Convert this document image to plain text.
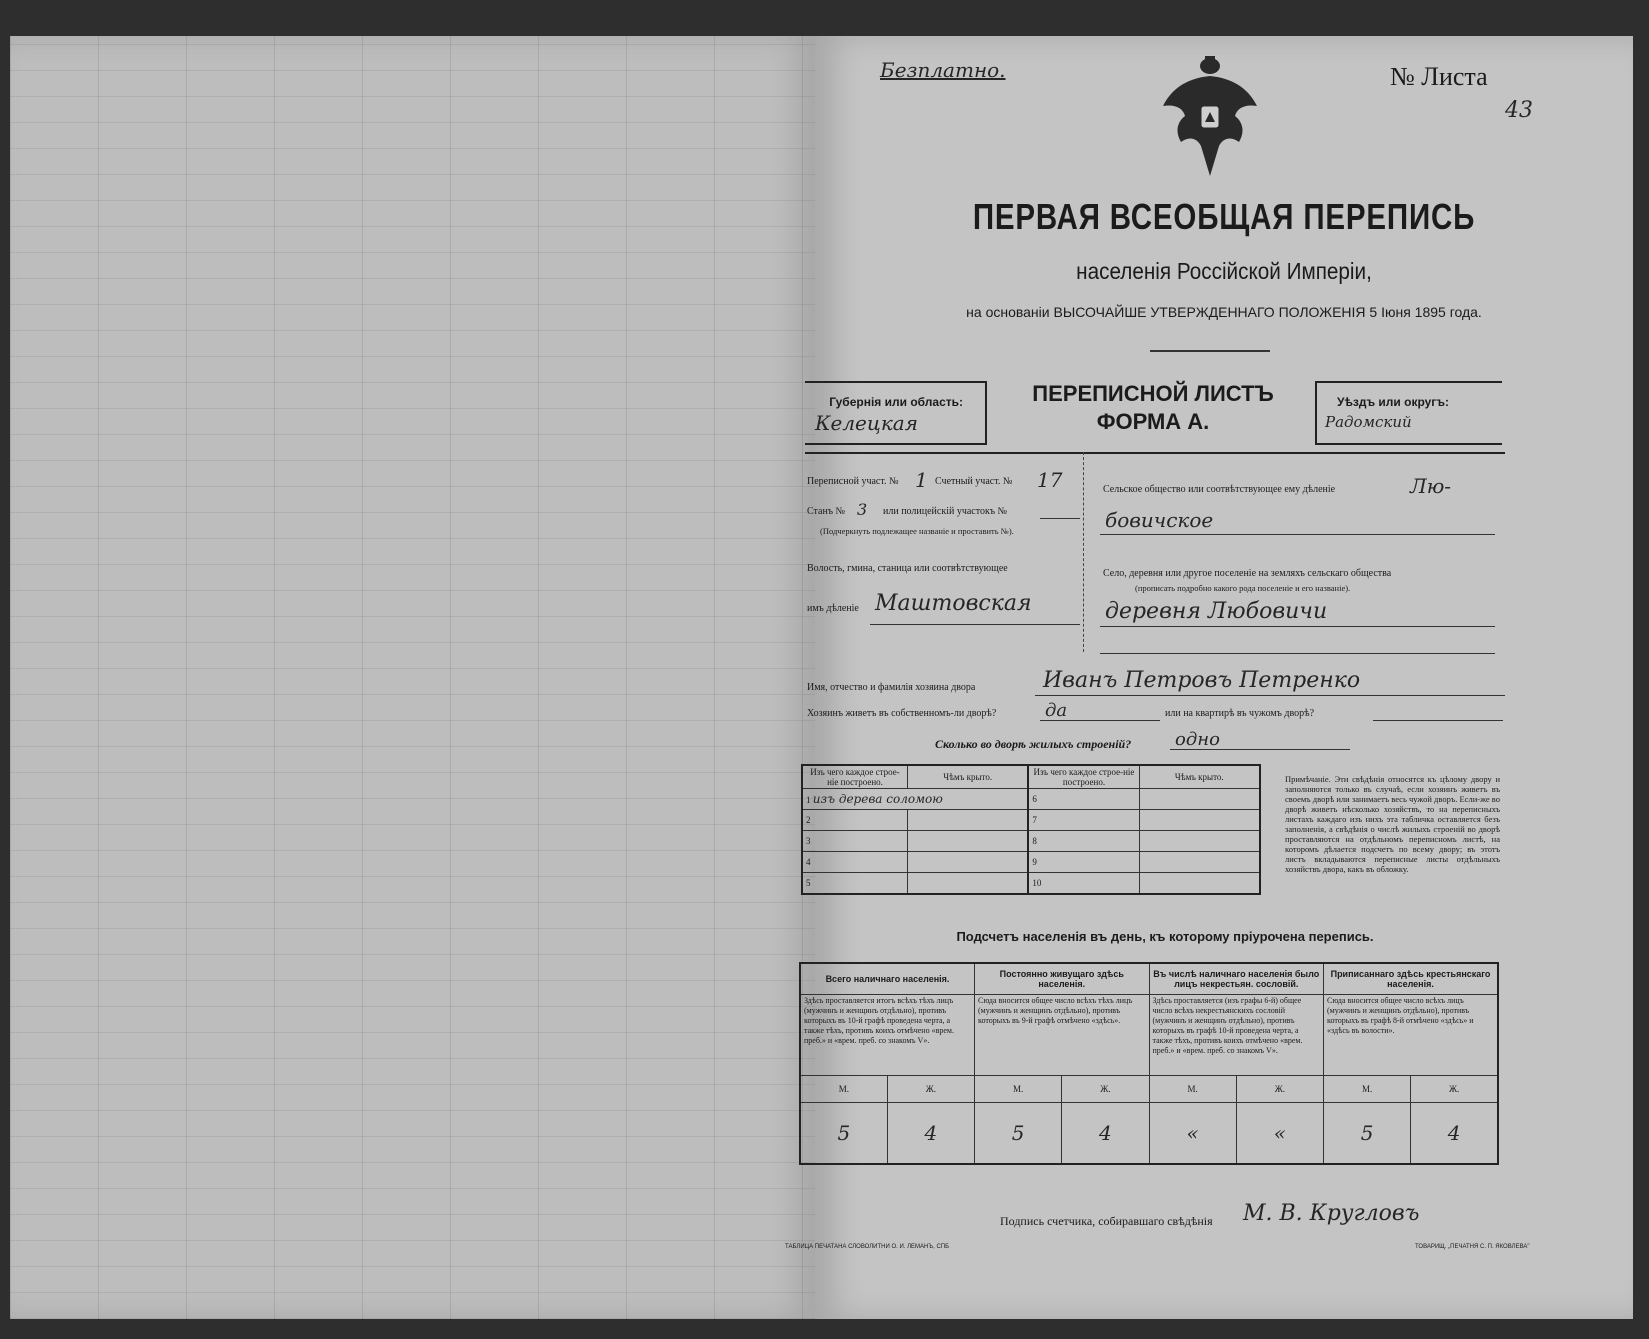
Безплатно.	№ Листа
43
ПЕРВАЯ ВСЕОБЩАЯ ПЕРЕПИСЬ
населенія Россійской Имперіи,
на основаніи ВЫСОЧАЙШЕ УТВЕРЖДЕННАГО ПОЛОЖЕНІЯ 5 Іюня 1895 года.
Губернія или область:
Келецкая
ПЕРЕПИСНОЙ ЛИСТЪ
ФОРМА А.
Уѣздъ или округъ:
Радомский
Переписной участ. № 1 Счетный участ. № 17
Станъ № 3 или полицейскій участокъ №
(Подчеркнуть подлежащее названіе и проставить №).
Волость, гмина, станица или соотвѣтствующее
имъ дѣленіе Маштовская
Сельское общество или соотвѣтствующее ему дѣленіе	Лю-
бовичское
Село, деревня или другое поселеніе на земляхъ сельскаго общества
(прописать подробно какого рода поселеніе и его названіе).
деревня Любовичи
Имя, отчество и фамилія хозяина двора	Иванъ Петровъ Петренко
Хозяинъ живетъ въ собственномъ-ли дворѣ?	да	или на квартирѣ въ чужомъ дворѣ?
Сколько во дворѣ жилыхъ строеній? одно
Изъ чего каждое строе-ніе построено.	Чѣмъ крыто.	Изъ чего каждое строе-ніе построено.	Чѣмъ крыто.
1 изъ дерева соломою		6	
2		7	
3		8	
4		9	
5		10	
Примѣчаніе. Эти свѣдѣнія относятся къ цѣлому двору и заполняются только въ случаѣ, если хозяинъ живетъ въ своемъ дворѣ или занимаетъ весь чужой дворъ. Если-же во дворѣ живетъ нѣсколько хозяйствъ, то на переписныхъ листахъ каждаго изъ нихъ эта табличка оставляется безъ заполненія, а свѣдѣнія о числѣ жилыхъ строеній во дворѣ проставляются на отдѣльномъ переписномъ листѣ, на которомъ дѣлается подсчетъ по всему двору; въ этотъ листъ вкладываются переписные листы отдѣльныхъ хозяйствъ двора, какъ въ обложку.
Подсчетъ населенія въ день, къ которому пріурочена перепись.
Всего наличнаго населенія.		Постоянно живущаго здѣсь населенія.		Въ числѣ наличнаго населенія было лицъ некрестьян. сословій.		Приписаннаго здѣсь крестьянскаго населенія.	
Здѣсь проставляется итогъ всѣхъ тѣхъ лицъ (мужчинъ и женщинъ отдѣльно), противъ которыхъ въ 10-й графѣ проведена черта, а также тѣхъ, противъ коихъ отмѣчено «врем. преб.» и «врем. преб. со знакомъ V».		Сюда вносится общее число всѣхъ тѣхъ лицъ (мужчинъ и женщинъ отдѣльно), противъ которыхъ въ 9-й графѣ отмѣчено «здѣсь».		Здѣсь проставляется (изъ графы 6-й) общее число всѣхъ некрестьянскихъ сословій (мужчинъ и женщинъ отдѣльно), противъ которыхъ въ графѣ 10-й проведена черта, а также тѣхъ, противъ коихъ отмѣчено «врем. преб.» и «врем. преб. со знакомъ V».		Сюда вносится общее число всѣхъ лицъ (мужчинъ и женщинъ отдѣльно), противъ которыхъ въ графѣ 8-й отмѣчено «здѣсь» и «здѣсь въ волости».	
М.	Ж.	М.	Ж.	М.	Ж.	М.	Ж.
5	4	5	4	«	«	5	4
Подпись счетчика, собиравшаго свѣдѣнія М. В. Кругловъ
ТАБЛИЦА ПЕЧАТАНА СЛОВОЛИТНИ О. И. ЛЕМАНЪ, СПБ	ТОВАРИЩ. „ПЕЧАТНЯ С. П. ЯКОВЛЕВА"
